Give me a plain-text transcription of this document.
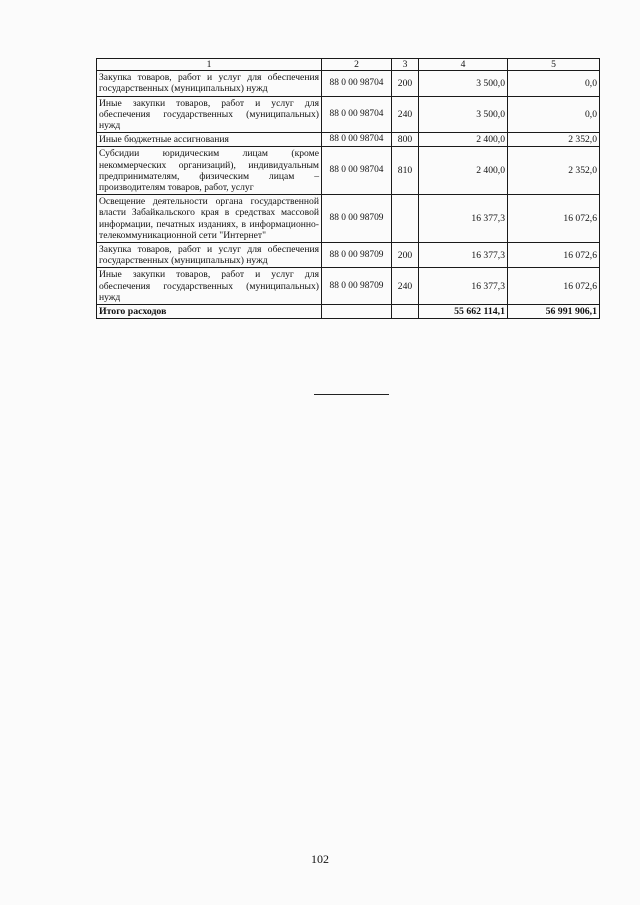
1	2	3	4	5
Закупка товаров, работ и услуг для обеспечения государственных (муниципальных) нужд	88 0 00 98704	200	3 500,0	0,0
Иные закупки товаров, работ и услуг для обеспечения государственных (муниципальных) нужд	88 0 00 98704	240	3 500,0	0,0
Иные бюджетные ассигнования	88 0 00 98704	800	2 400,0	2 352,0
Субсидии юридическим лицам (кроме некоммерческих организаций), индивидуальным предпринимателям, физическим лицам – производителям товаров, работ, услуг	88 0 00 98704	810	2 400,0	2 352,0
Освещение деятельности органа государственной власти Забайкальского края в средствах массовой информации, печатных изданиях, в информационно-телекоммуникационной сети "Интернет"	88 0 00 98709		16 377,3	16 072,6
Закупка товаров, работ и услуг для обеспечения государственных (муниципальных) нужд	88 0 00 98709	200	16 377,3	16 072,6
Иные закупки товаров, работ и услуг для обеспечения государственных (муниципальных) нужд	88 0 00 98709	240	16 377,3	16 072,6
Итого расходов			55 662 114,1	56 991 906,1
102
